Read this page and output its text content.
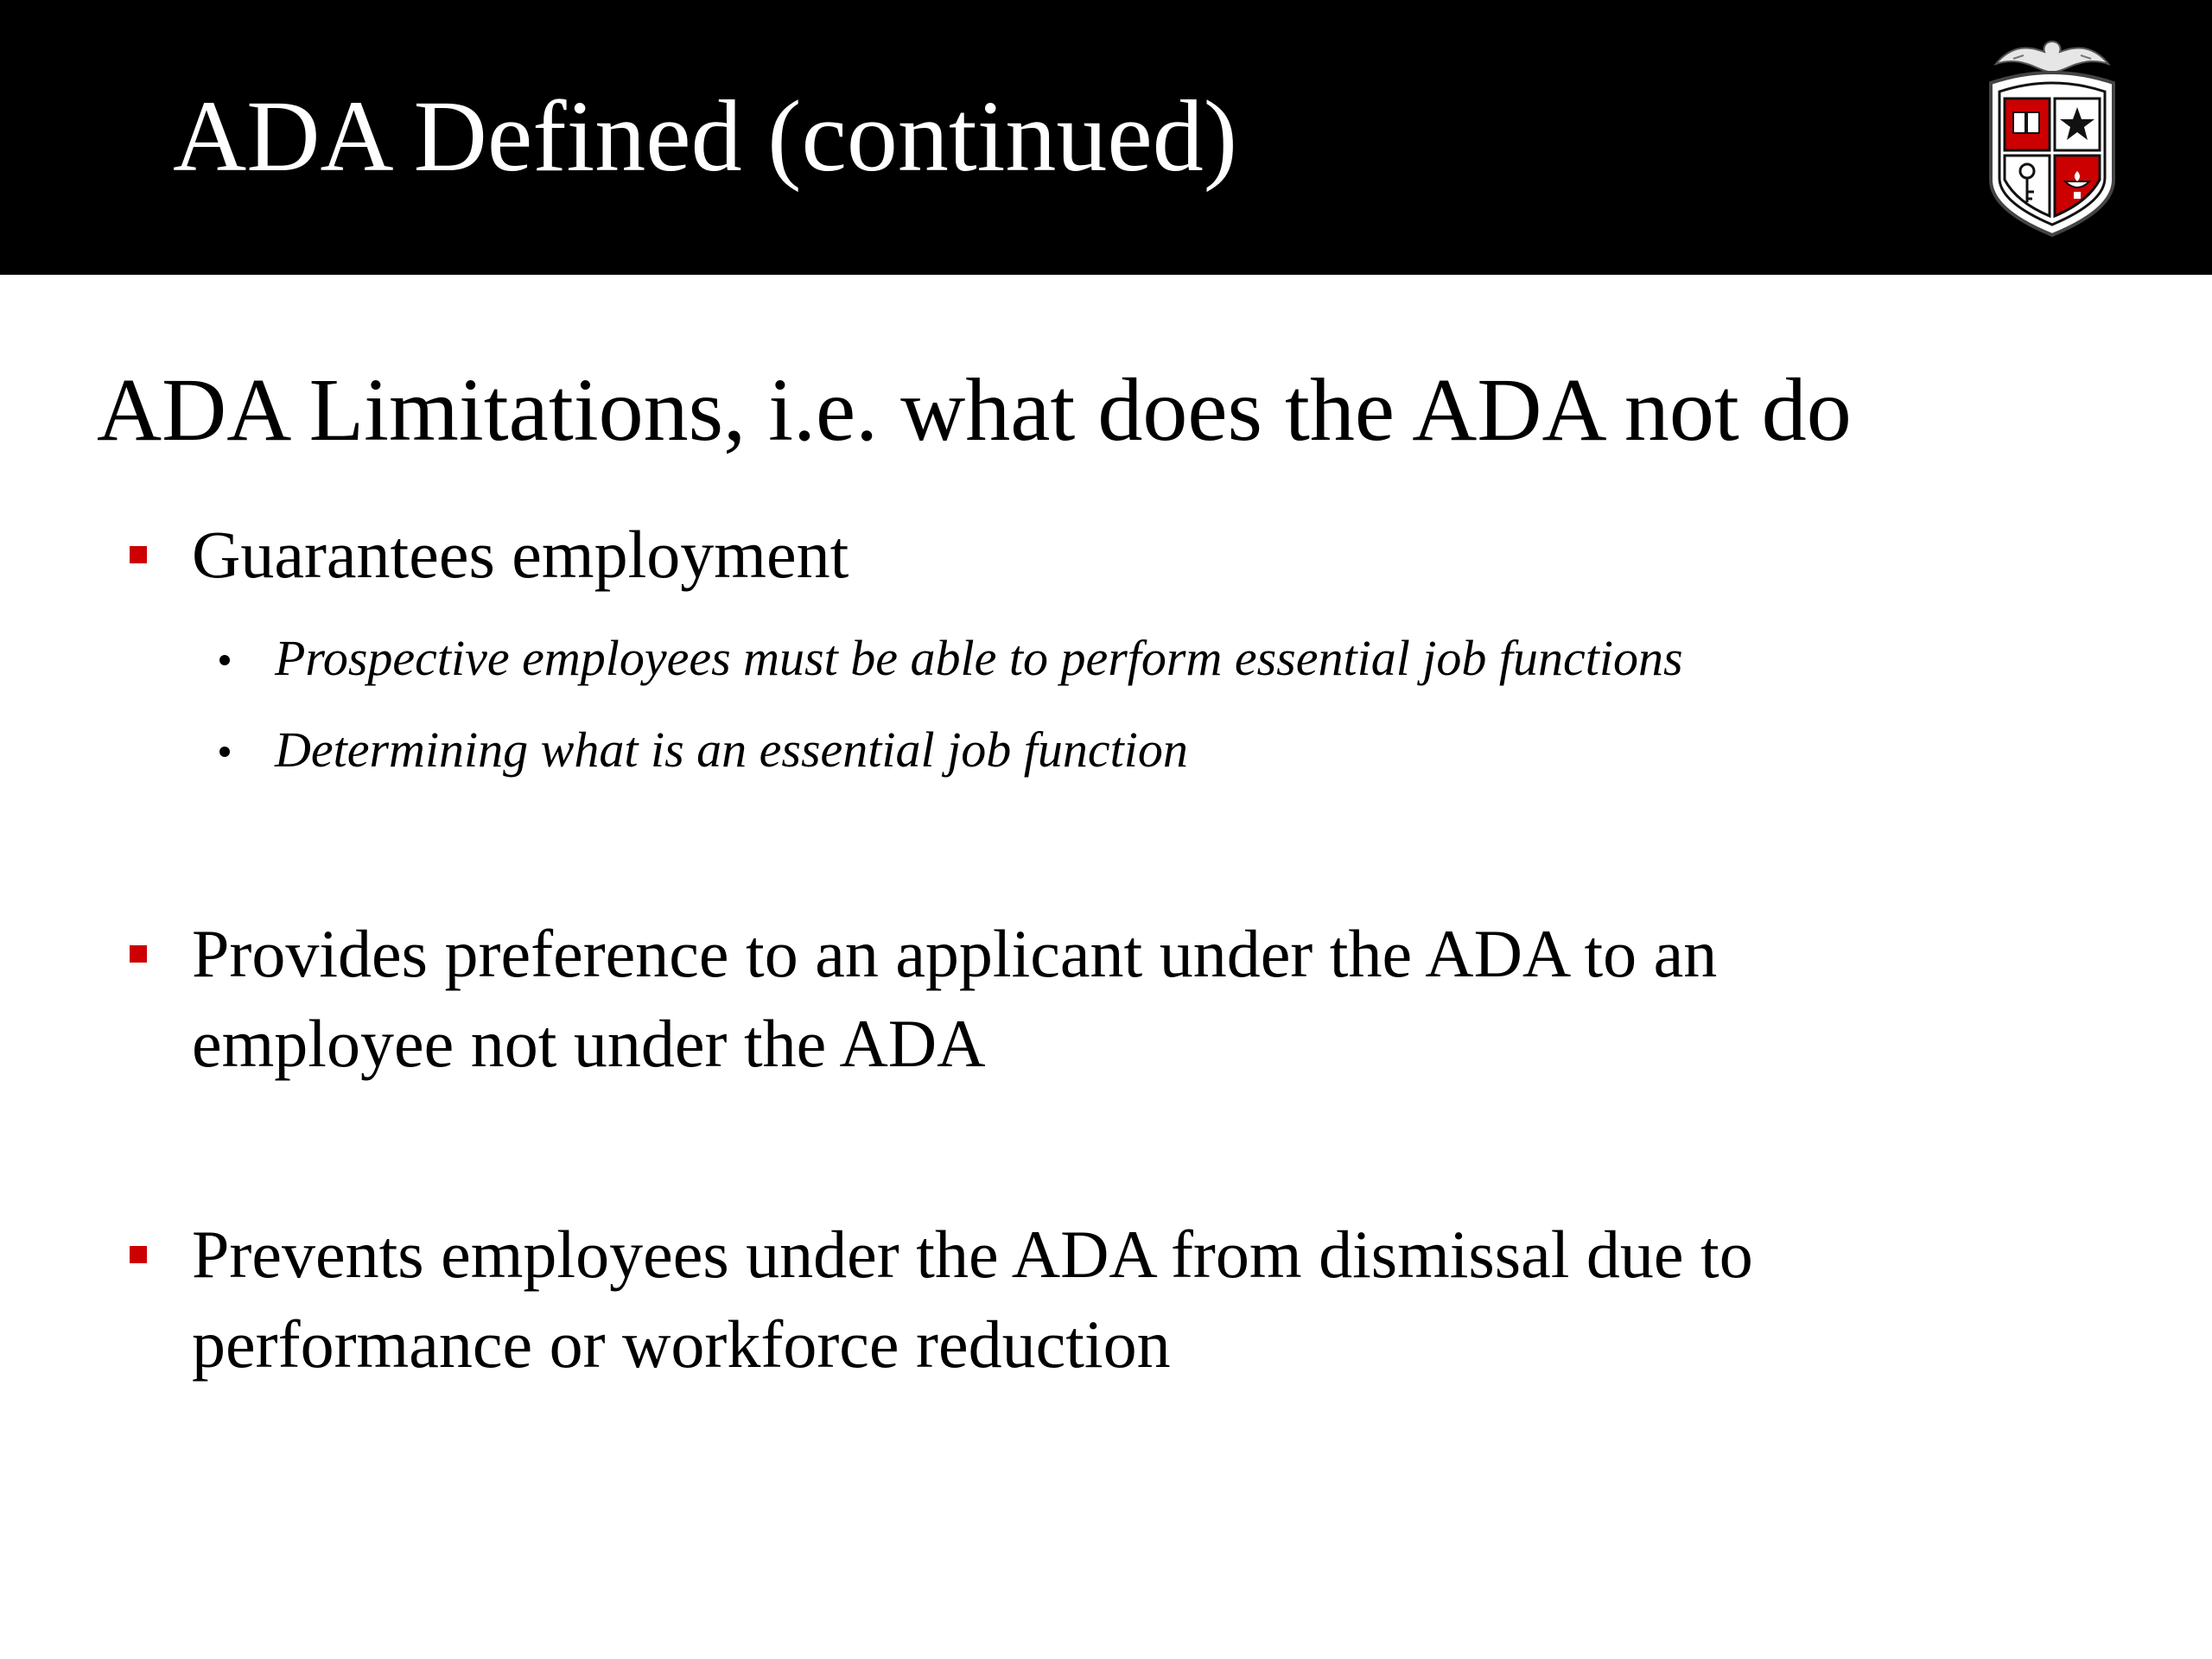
ADA Defined (continued)
ADA Limitations, i.e. what does the ADA not do
Guarantees employment
Prospective employees must be able to perform essential job functions
Determining what is an essential job function
Provides preference to an applicant under the ADA to an employee not under the ADA
Prevents employees under the ADA from dismissal due to performance or workforce reduction
